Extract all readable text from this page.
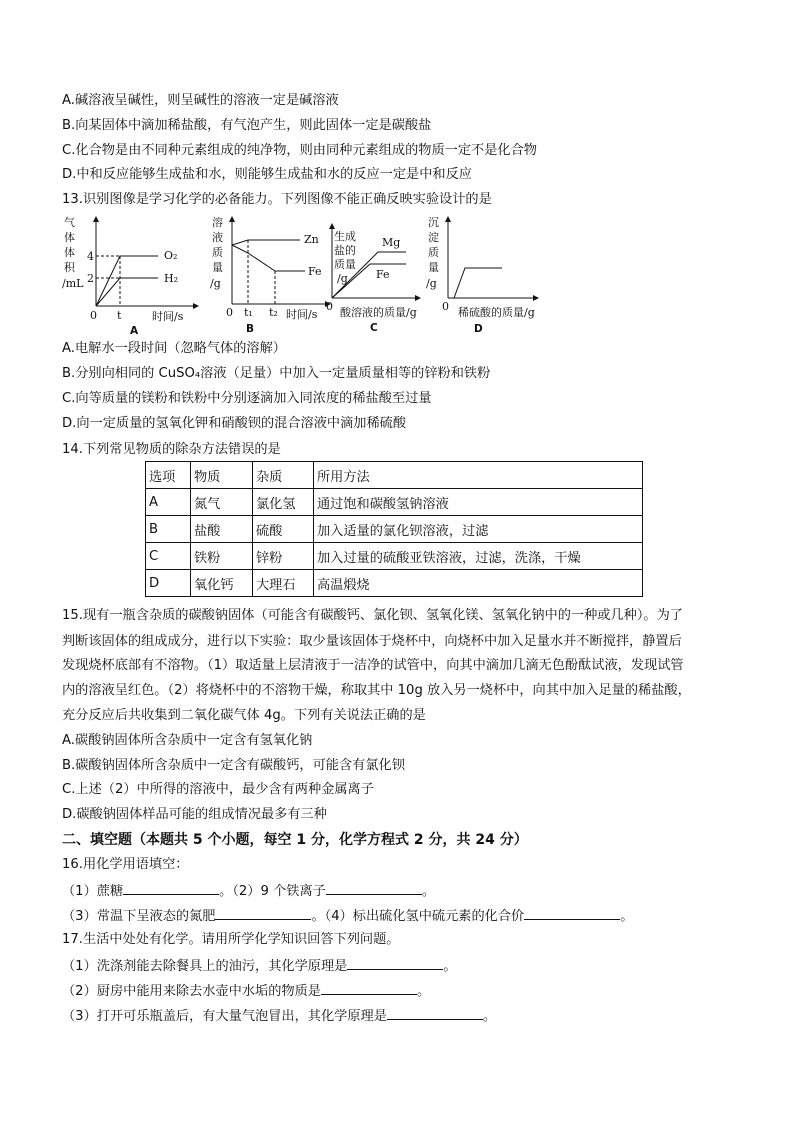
A.碱溶液呈碱性，则呈碱性的溶液一定是碱溶液
B.向某固体中滴加稀盐酸，有气泡产生，则此固体一定是碳酸盐
C.化合物是由不同种元素组成的纯净物，则由同种元素组成的物质一定不是化合物
D.中和反应能够生成盐和水，则能够生成盐和水的反应一定是中和反应
13.识别图像是学习化学的必备能力。下列图像不能正确反映实验设计的是
气
体
体
积
/mL
4
2
O₂
H₂
0 t	时间/s
A
溶
液
质
量
/g
Zn
Fe
0 t₁ t₂ 时间/s
B
生成
盐的
质量
/g
Mg
Fe
0 酸溶液的质量/g
C
沉
淀
质
量
/g
0 稀硫酸的质量/g
D
A.电解水一段时间（忽略气体的溶解）
B.分别向相同的 CuSO₄溶液（足量）中加入一定量质量相等的锌粉和铁粉
C.向等质量的镁粉和铁粉中分别逐滴加入同浓度的稀盐酸至过量
D.向一定质量的氢氧化钾和硝酸钡的混合溶液中滴加稀硫酸
14.下列常见物质的除杂方法错误的是
选项	物质	杂质	所用方法
A	氮气	氯化氢	通过饱和碳酸氢钠溶液
B	盐酸	硫酸	加入适量的氯化钡溶液，过滤
C	铁粉	锌粉	加入过量的硫酸亚铁溶液，过滤，洗涤，干燥
D	氧化钙	大理石	高温煅烧
15.现有一瓶含杂质的碳酸钠固体（可能含有碳酸钙、氯化钡、氢氧化镁、氢氧化钠中的一种或几种）。为了
判断该固体的组成成分，进行以下实验：取少量该固体于烧杯中，向烧杯中加入足量水并不断搅拌，静置后
发现烧杯底部有不溶物。（1）取适量上层清液于一洁净的试管中，向其中滴加几滴无色酚酞试液，发现试管
内的溶液呈红色。（2）将烧杯中的不溶物干燥，称取其中 10g 放入另一烧杯中，向其中加入足量的稀盐酸，
充分反应后共收集到二氧化碳气体 4g。下列有关说法正确的是
A.碳酸钠固体所含杂质中一定含有氢氧化钠
B.碳酸钠固体所含杂质中一定含有碳酸钙，可能含有氯化钡
C.上述（2）中所得的溶液中，最少含有两种金属离子
D.碳酸钠固体样品可能的组成情况最多有三种
二、填空题（本题共 5 个小题，每空 1 分，化学方程式 2 分，共 24 分）
16.用化学用语填空：
（1）蔗糖	。（2）9 个铁离子	。
（3）常温下呈液态的氮肥	。（4）标出硫化氢中硫元素的化合价	。
17.生活中处处有化学。请用所学化学知识回答下列问题。
（1）洗涤剂能去除餐具上的油污，其化学原理是	。
（2）厨房中能用来除去水壶中水垢的物质是	。
（3）打开可乐瓶盖后，有大量气泡冒出，其化学原理是	。
